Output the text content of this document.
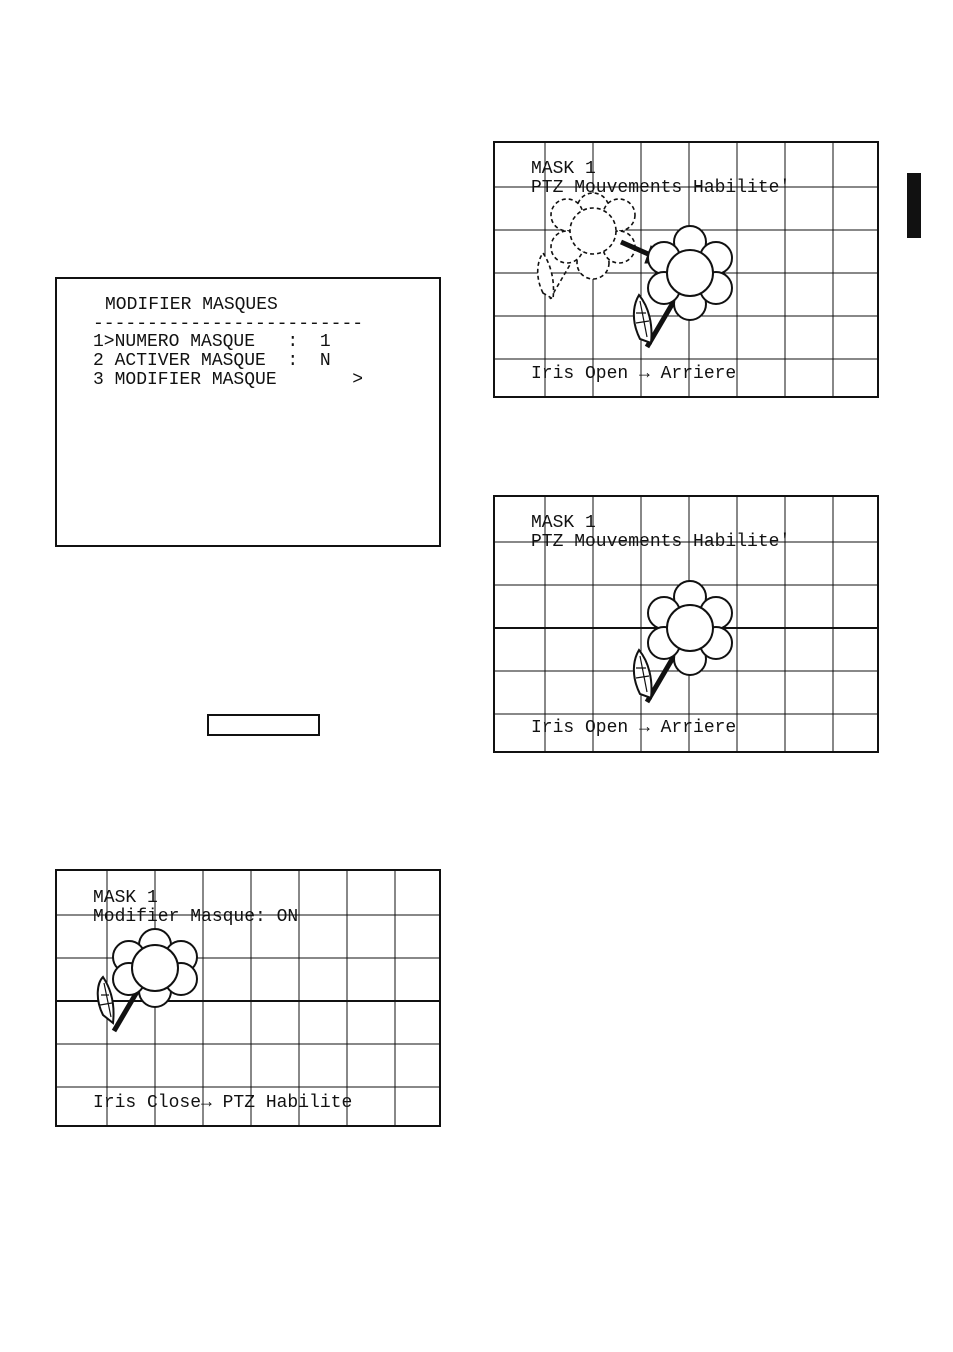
MODIFIER MASQUES
-------------------------
1>NUMERO MASQUE   :  1
2 ACTIVER MASQUE  :  N
3 MODIFIER MASQUE       >
MASK 1
Modifier Masque: ON
Iris Close→ PTZ Habilite
MASK 1
PTZ Mouvements Habilite'
Iris Open → Arriere
MASK 1
PTZ Mouvements Habilite'
Iris Open → Arriere
